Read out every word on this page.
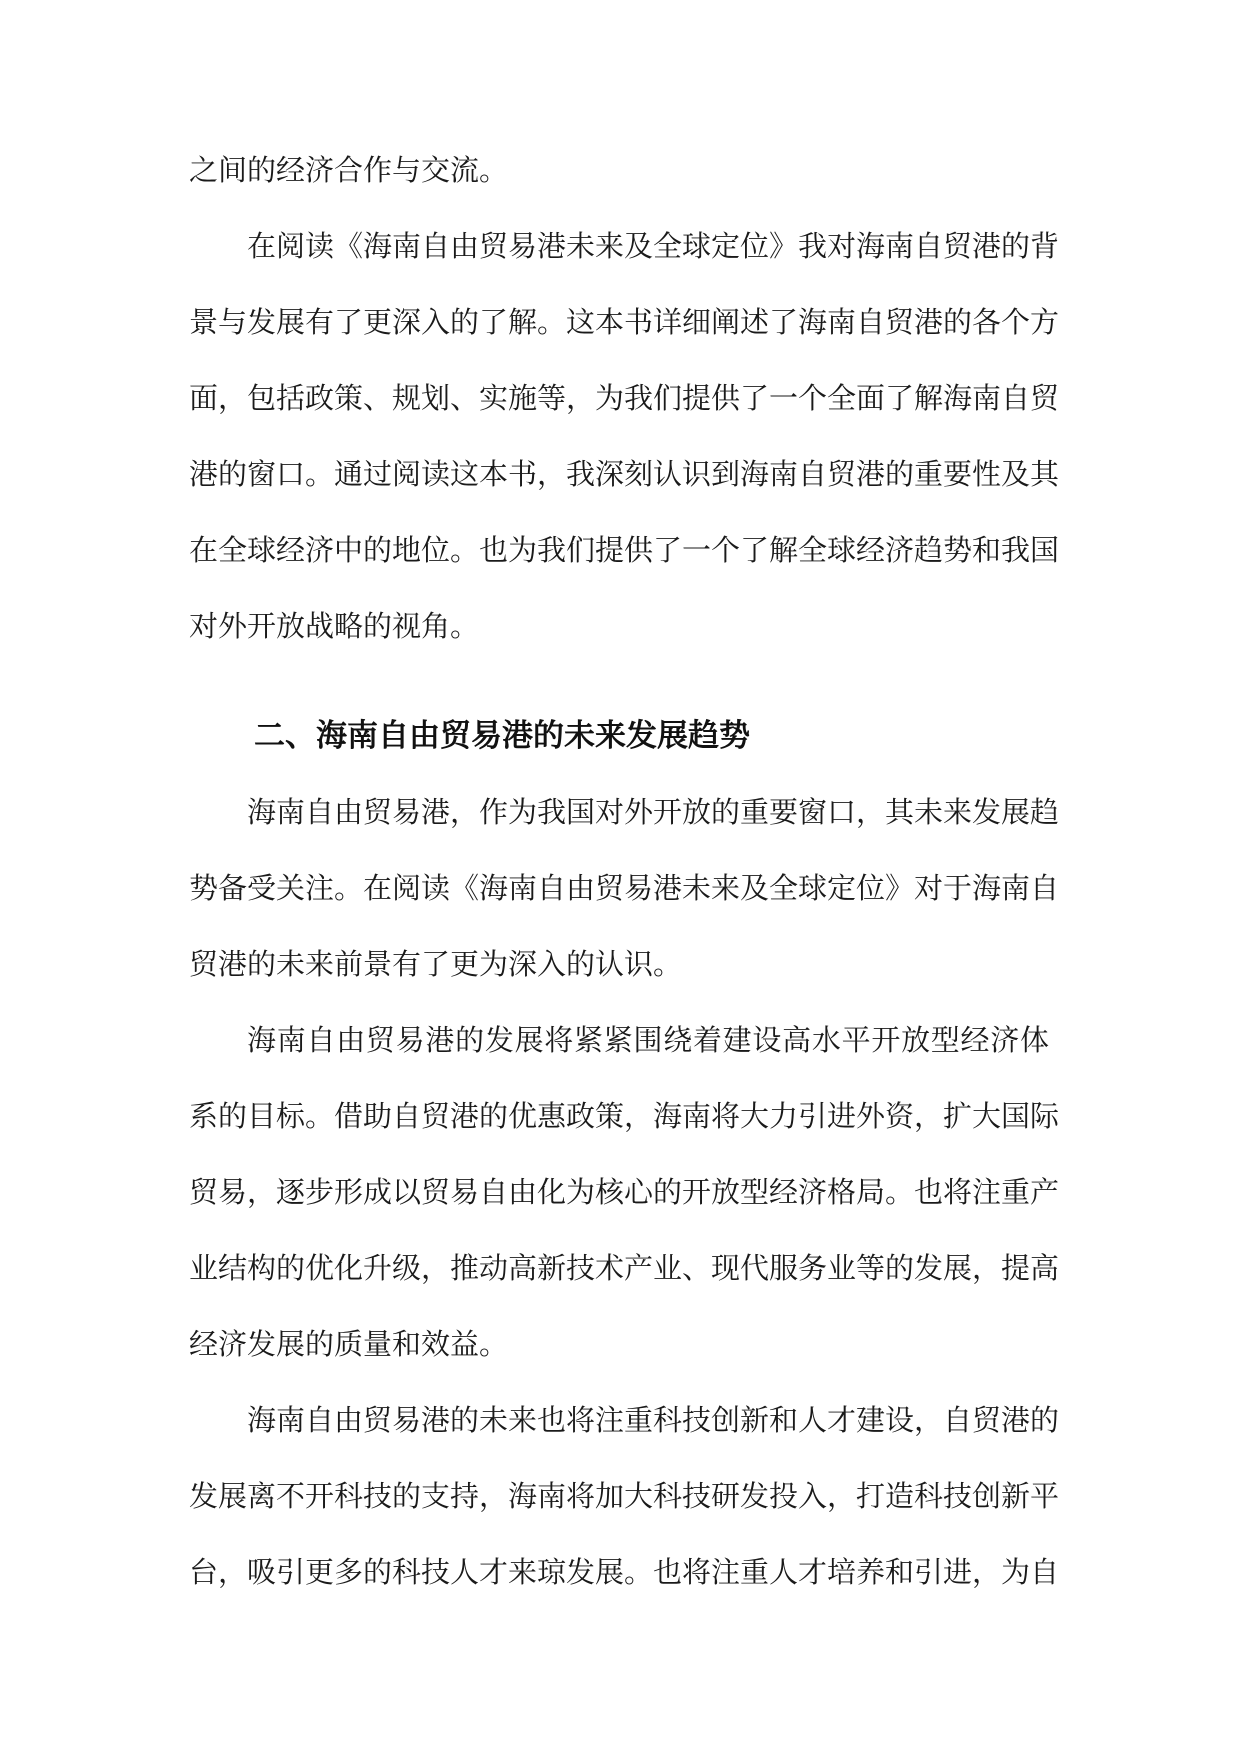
之间的经济合作与交流。

在阅读《海南自由贸易港未来及全球定位》我对海南自贸港的背

景与发展有了更深入的了解。这本书详细阐述了海南自贸港的各个方

面，包括政策、规划、实施等，为我们提供了一个全面了解海南自贸

港的窗口。通过阅读这本书，我深刻认识到海南自贸港的重要性及其

在全球经济中的地位。也为我们提供了一个了解全球经济趋势和我国

对外开放战略的视角。

二、海南自由贸易港的未来发展趋势

海南自由贸易港，作为我国对外开放的重要窗口，其未来发展趋

势备受关注。在阅读《海南自由贸易港未来及全球定位》对于海南自

贸港的未来前景有了更为深入的认识。

海南自由贸易港的发展将紧紧围绕着建设高水平开放型经济体

系的目标。借助自贸港的优惠政策，海南将大力引进外资，扩大国际

贸易，逐步形成以贸易自由化为核心的开放型经济格局。也将注重产

业结构的优化升级，推动高新技术产业、现代服务业等的发展，提高

经济发展的质量和效益。

海南自由贸易港的未来也将注重科技创新和人才建设，自贸港的

发展离不开科技的支持，海南将加大科技研发投入，打造科技创新平

台，吸引更多的科技人才来琼发展。也将注重人才培养和引进，为自
